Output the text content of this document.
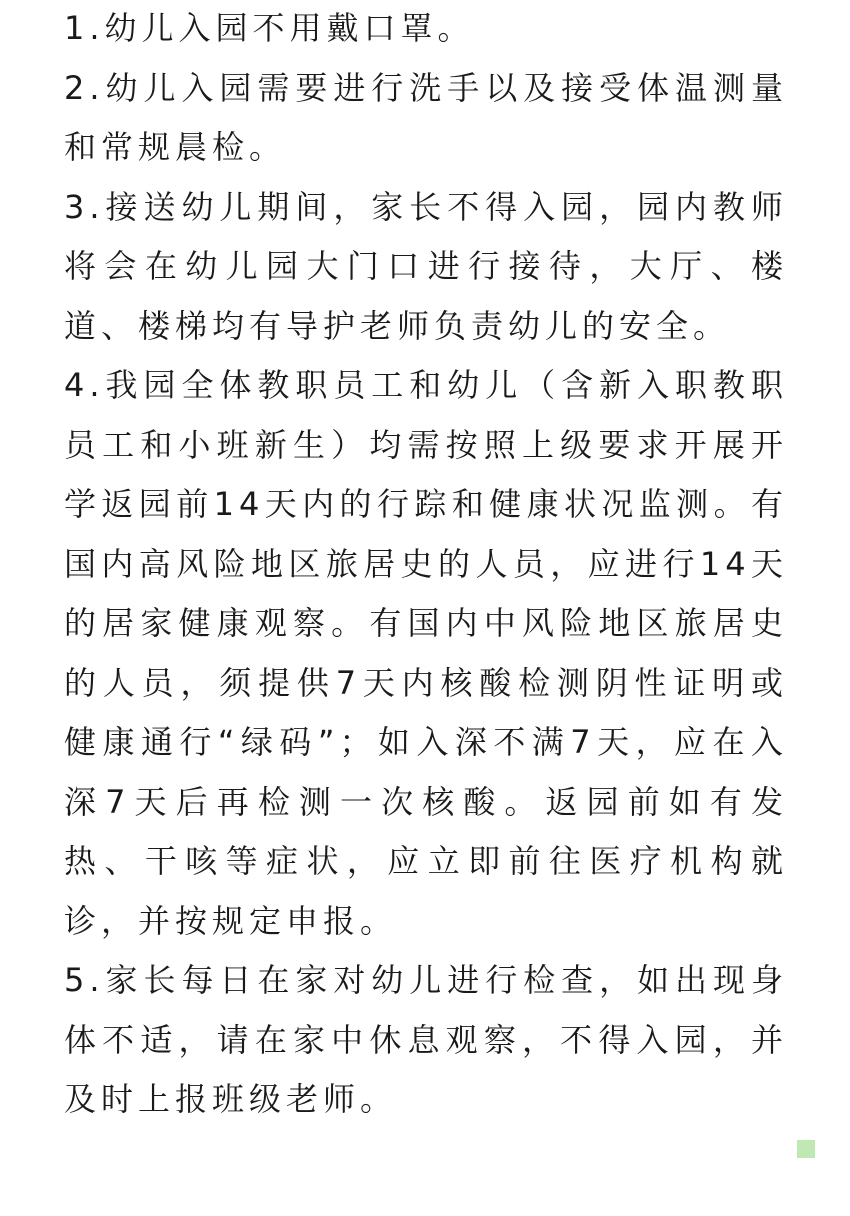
1.幼儿入园不用戴口罩。

2.幼儿入园需要进行洗手以及接受体温测量和常规晨检。

3.接送幼儿期间，家长不得入园，园内教师将会在幼儿园大门口进行接待，大厅、楼道、楼梯均有导护老师负责幼儿的安全。

4.我园全体教职员工和幼儿（含新入职教职员工和小班新生）均需按照上级要求开展开学返园前14天内的行踪和健康状况监测。有国内高风险地区旅居史的人员，应进行14天的居家健康观察。有国内中风险地区旅居史的人员，须提供7天内核酸检测阴性证明或健康通行“绿码”；如入深不满7天，应在入深7天后再检测一次核酸。返园前如有发热、干咳等症状，应立即前往医疗机构就诊，并按规定申报。

5.家长每日在家对幼儿进行检查，如出现身体不适，请在家中休息观察，不得入园，并及时上报班级老师。
